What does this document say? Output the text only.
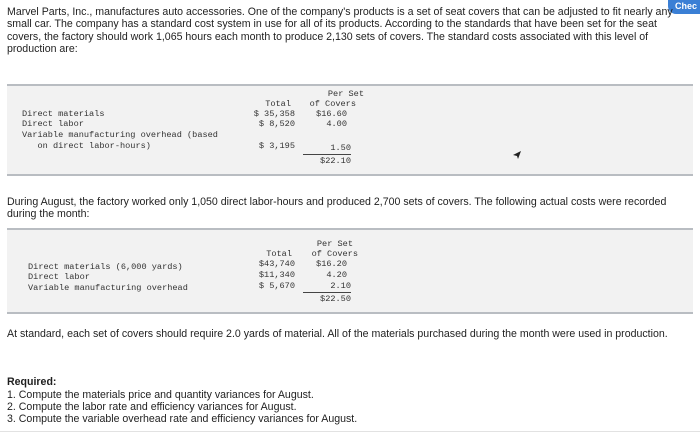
Chec
Marvel Parts, Inc., manufactures auto accessories. One of the company's products is a set of seat covers that can be adjusted to fit nearly any small car. The company has a standard cost system in use for all of its products. According to the standards that have been set for the seat covers, the factory should work 1,065 hours each month to produce 2,130 sets of covers. The standard costs associated with this level of production are:
Per Set
Total	of Covers
Direct materials	$ 35,358	$16.60
Direct labor	$ 8,520	4.00
Variable manufacturing overhead (based
on direct labor-hours)	$ 3,195	1.50
$22.10
During August, the factory worked only 1,050 direct labor-hours and produced 2,700 sets of covers. The following actual costs were recorded during the month:
Per Set
Total	of Covers
Direct materials (6,000 yards)	$43,740	$16.20
Direct labor	$11,340	4.20
Variable manufacturing overhead	$ 5,670	2.10
$22.50
At standard, each set of covers should require 2.0 yards of material. All of the materials purchased during the month were used in production.
Required:
1. Compute the materials price and quantity variances for August.
2. Compute the labor rate and efficiency variances for August.
3. Compute the variable overhead rate and efficiency variances for August.
